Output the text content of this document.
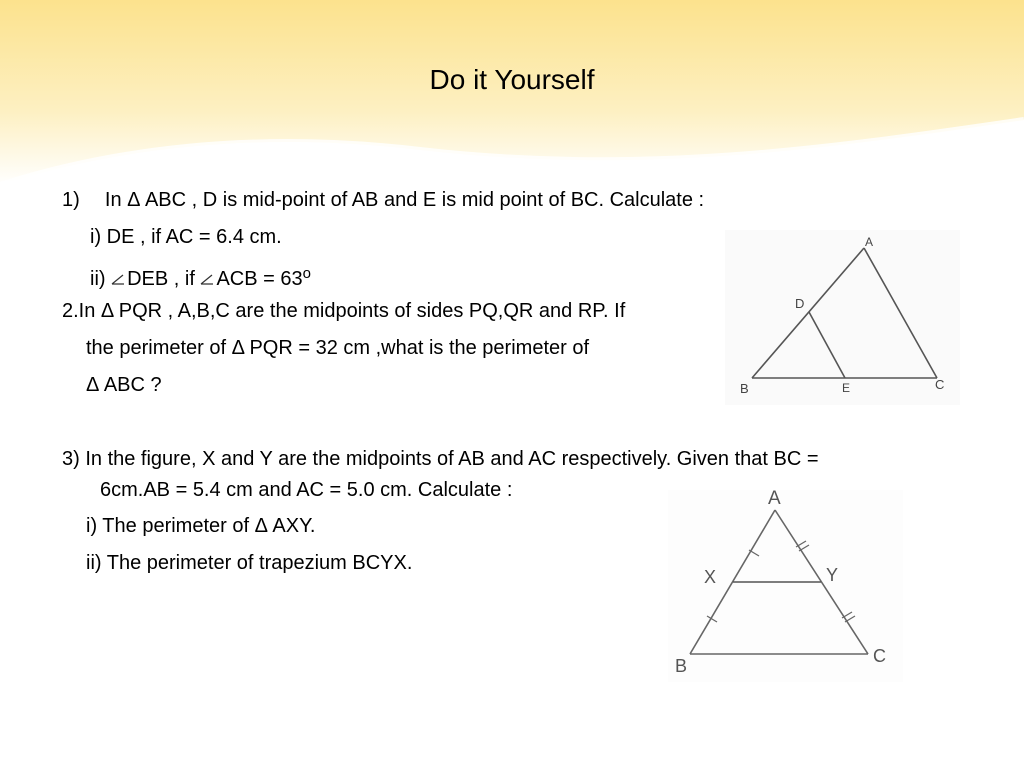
Do it Yourself
1) In Δ ABC , D is mid-point of AB and E is mid point of BC. Calculate :
i) DE , if AC = 6.4 cm.
ii)
DEB , if
ACB = $63^o$
2.In Δ PQR , A,B,C are the midpoints of sides PQ,QR and RP. If
the perimeter of Δ PQR = 32 cm ,what is the perimeter of
Δ ABC ?
3) In the figure, X and Y are the midpoints of AB and AC respectively. Given that BC =
6cm.AB = 5.4 cm and AC = 5.0 cm. Calculate :
i) The perimeter of Δ AXY.
ii) The perimeter of trapezium BCYX.
A
D
B	E	C
A
X	Y
B	C
